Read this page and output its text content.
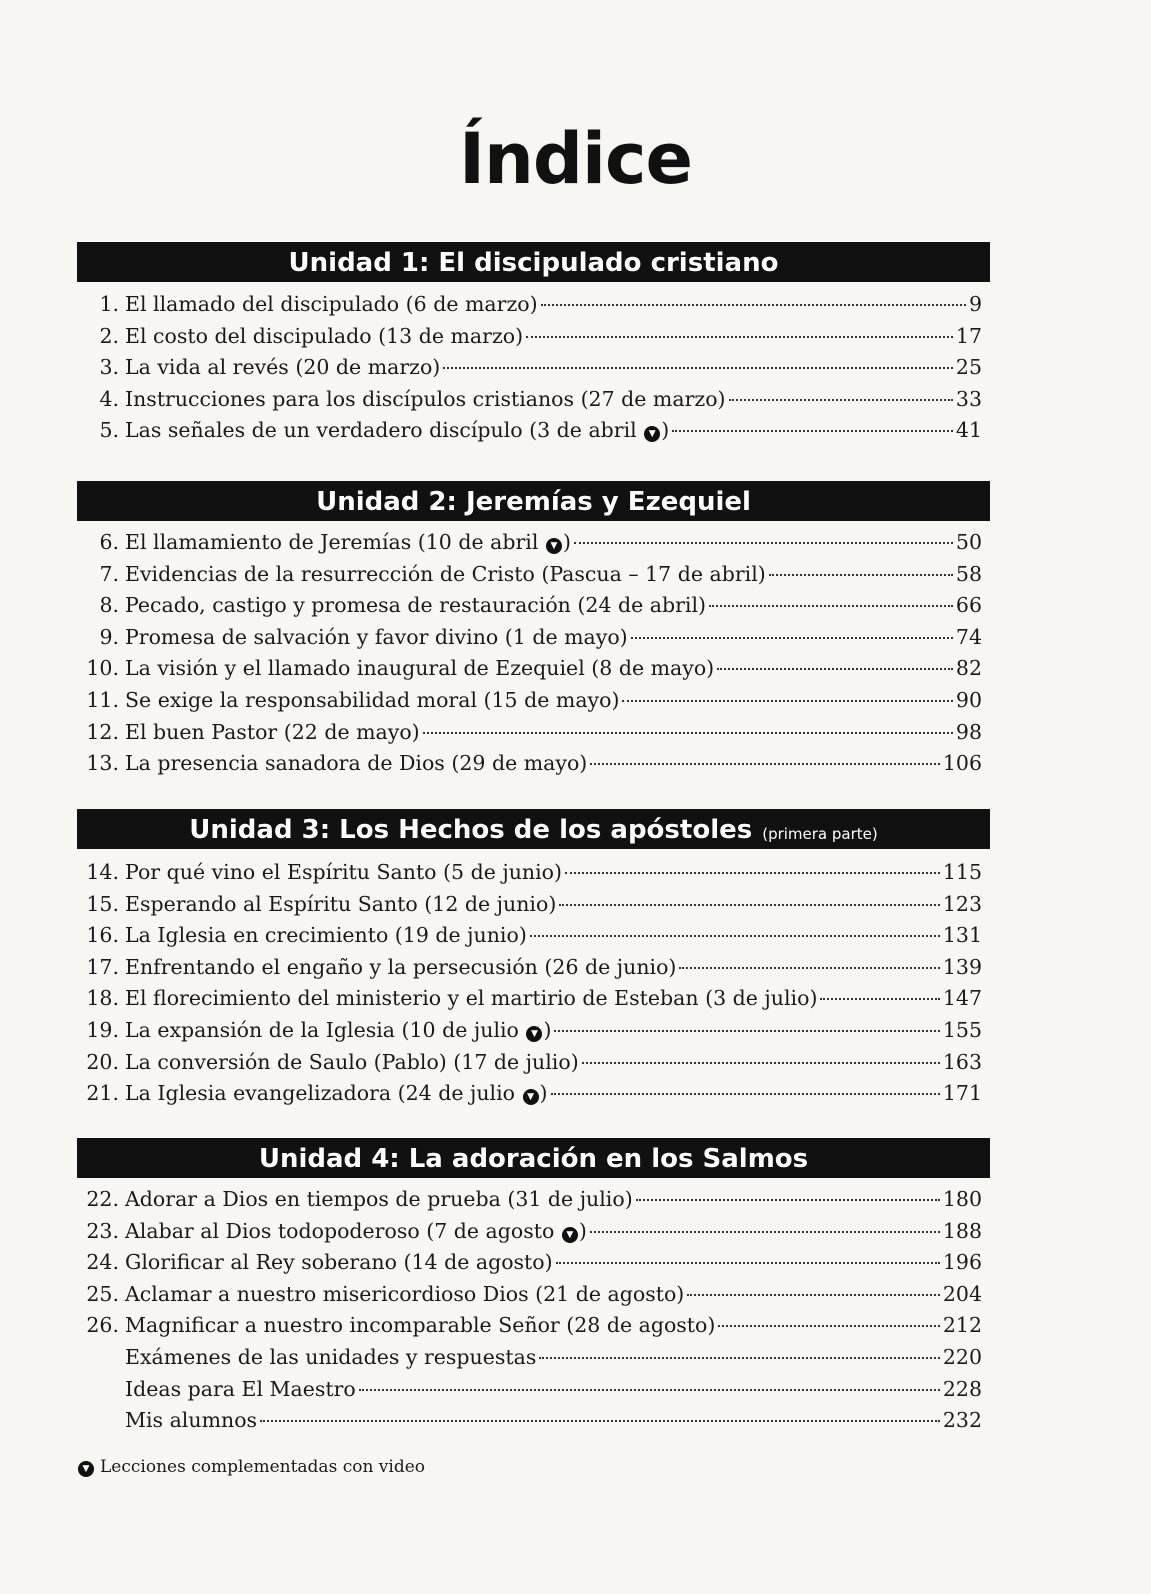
Índice
Unidad 1: El discipulado cristiano
1. El llamado del discipulado (6 de marzo)	9
2. El costo del discipulado (13 de marzo)	17
3. La vida al revés (20 de marzo)	25
4. Instrucciones para los discípulos cristianos (27 de marzo)	33
5. Las señales de un verdadero discípulo (3 de abril ▼ )	41
Unidad 2: Jeremías y Ezequiel
6. El llamamiento de Jeremías (10 de abril ▼ )	50
7. Evidencias de la resurrección de Cristo (Pascua – 17 de abril)	58
8. Pecado, castigo y promesa de restauración (24 de abril)	66
9. Promesa de salvación y favor divino (1 de mayo)	74
10. La visión y el llamado inaugural de Ezequiel (8 de mayo)	82
11. Se exige la responsabilidad moral (15 de mayo)	90
12. El buen Pastor (22 de mayo)	98
13. La presencia sanadora de Dios (29 de mayo)	106
Unidad 3: Los Hechos de los apóstoles (primera parte)
14. Por qué vino el Espíritu Santo (5 de junio)	115
15. Esperando al Espíritu Santo (12 de junio)	123
16. La Iglesia en crecimiento (19 de junio)	131
17. Enfrentando el engaño y la persecusión (26 de junio)	139
18. El florecimiento del ministerio y el martirio de Esteban (3 de julio)	147
19. La expansión de la Iglesia (10 de julio ▼ )	155
20. La conversión de Saulo (Pablo) (17 de julio)	163
21. La Iglesia evangelizadora (24 de julio ▼ )	171
Unidad 4: La adoración en los Salmos
22. Adorar a Dios en tiempos de prueba (31 de julio)	180
23. Alabar al Dios todopoderoso (7 de agosto ▼ )	188
24. Glorificar al Rey soberano (14 de agosto)	196
25. Aclamar a nuestro misericordioso Dios (21 de agosto)	204
26. Magnificar a nuestro incomparable Señor (28 de agosto)	212
Exámenes de las unidades y respuestas	220
Ideas para El Maestro	228
Mis alumnos	232
▼ Lecciones complementadas con video
